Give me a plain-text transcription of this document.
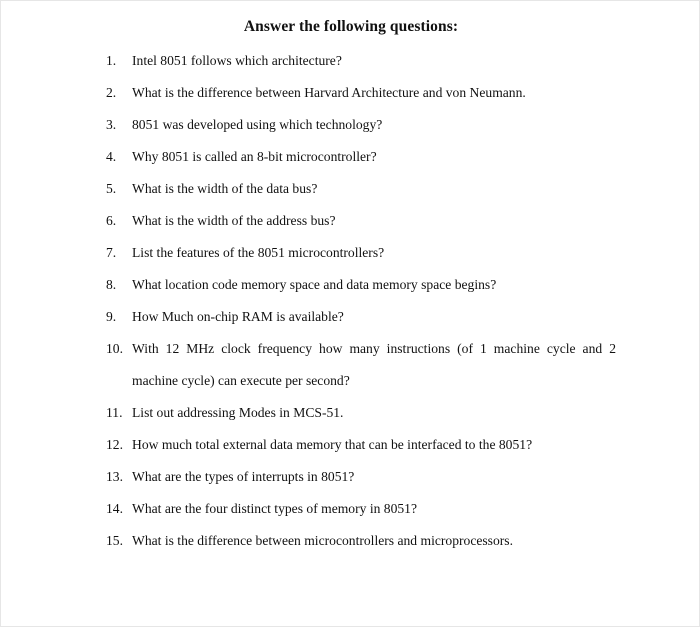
Answer the following questions:
1.	Intel 8051 follows which architecture?
2.	What is the difference between Harvard Architecture and von Neumann.
3.	8051 was developed using which technology?
4.	Why 8051 is called an 8-bit microcontroller?
5.	What is the width of the data bus?
6.	What is the width of the address bus?
7.	List the features of the 8051 microcontrollers?
8.	What location code memory space and data memory space begins?
9.	How Much on-chip RAM is available?
10. With 12 MHz clock frequency how many instructions (of 1 machine cycle and 2 machine cycle) can execute per second?
11. List out addressing Modes in MCS-51.
12. How much total external data memory that can be interfaced to the 8051?
13. What are the types of interrupts in 8051?
14. What are the four distinct types of memory in 8051?
15. What is the difference between microcontrollers and microprocessors.
